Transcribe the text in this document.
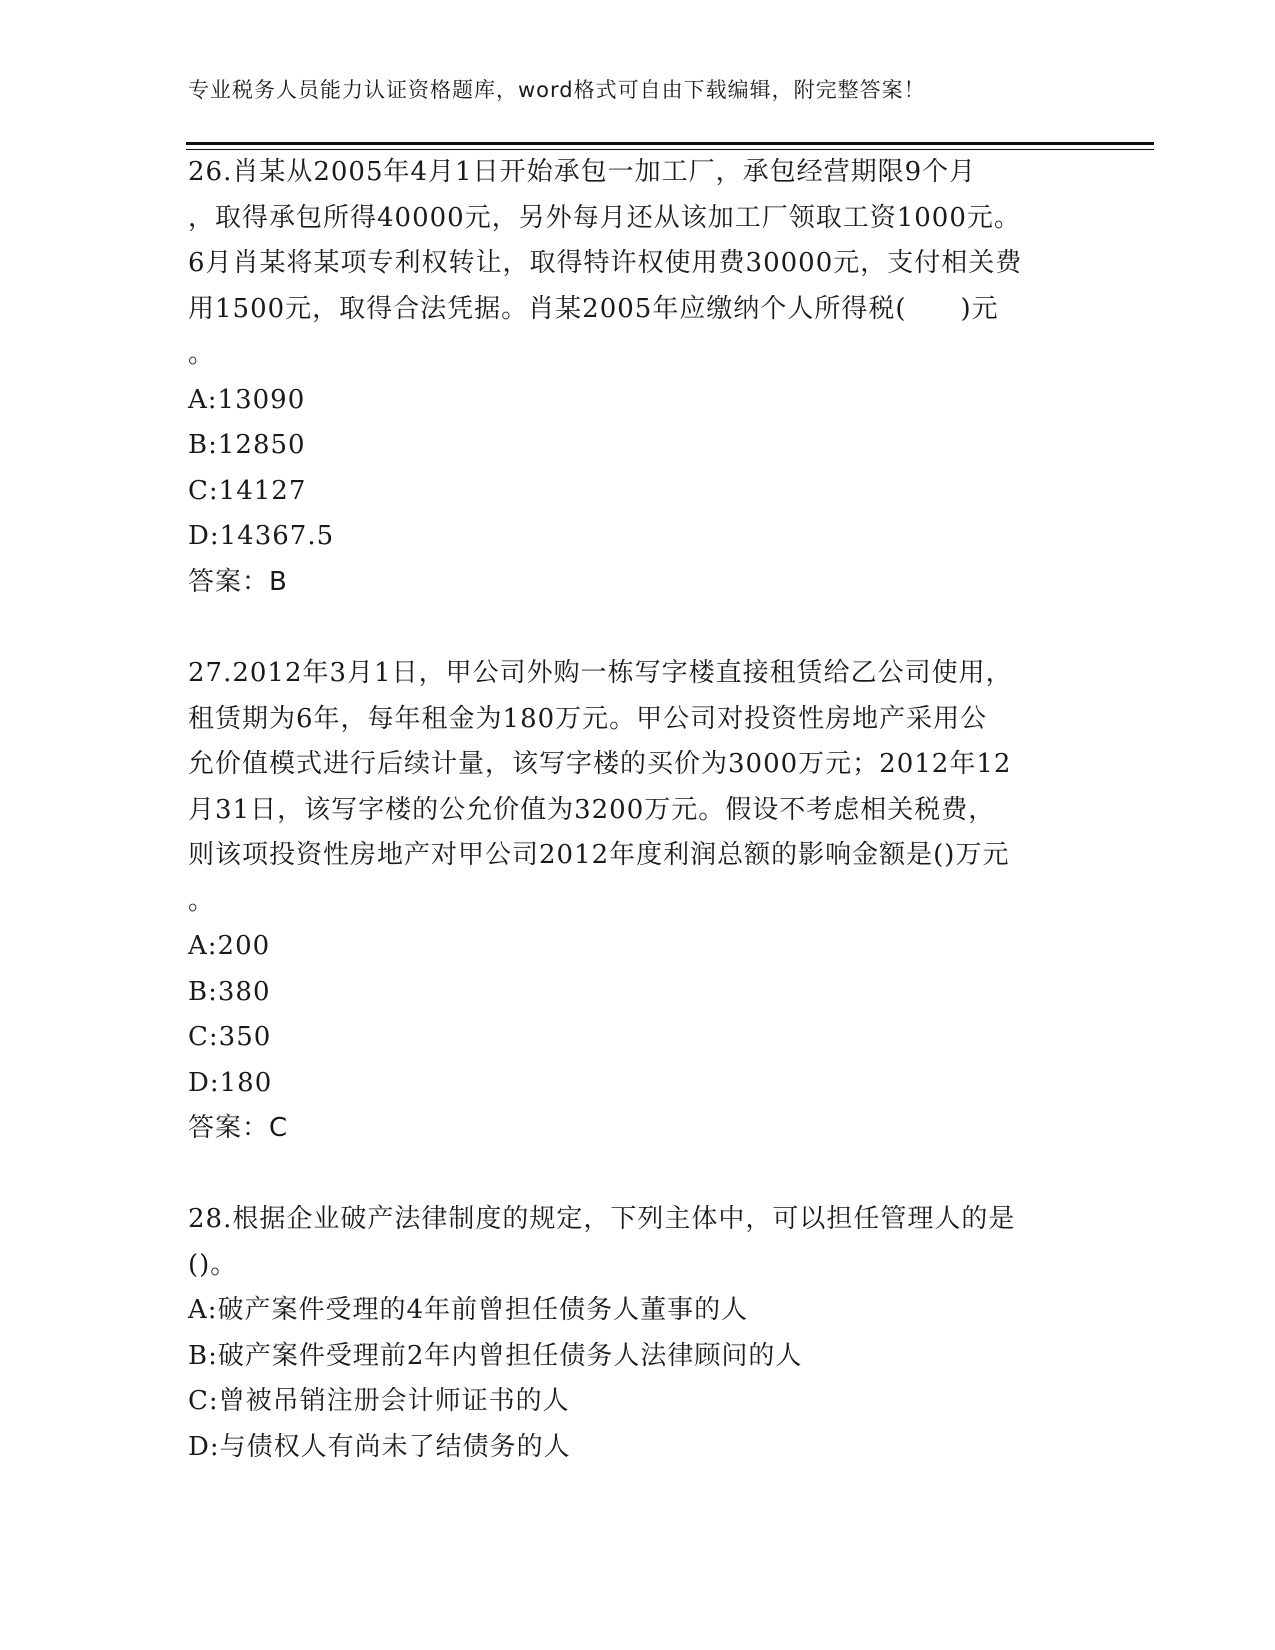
专业税务人员能力认证资格题库，word格式可自由下载编辑，附完整答案！
26.肖某从2005年4月1日开始承包一加工厂，承包经营期限9个月
，取得承包所得40000元，另外每月还从该加工厂领取工资1000元。
6月肖某将某项专利权转让，取得特许权使用费30000元，支付相关费
用1500元，取得合法凭据。肖某2005年应缴纳个人所得税(　　)元
。
A:13090
B:12850
C:14127
D:14367.5
答案：B
27.2012年3月1日，甲公司外购一栋写字楼直接租赁给乙公司使用，
租赁期为6年，每年租金为180万元。甲公司对投资性房地产采用公
允价值模式进行后续计量，该写字楼的买价为3000万元；2012年12
月31日，该写字楼的公允价值为3200万元。假设不考虑相关税费，
则该项投资性房地产对甲公司2012年度利润总额的影响金额是()万元
。
A:200
B:380
C:350
D:180
答案：C
28.根据企业破产法律制度的规定，下列主体中，可以担任管理人的是
()。
A:破产案件受理的4年前曾担任债务人董事的人
B:破产案件受理前2年内曾担任债务人法律顾问的人
C:曾被吊销注册会计师证书的人
D:与债权人有尚未了结债务的人
